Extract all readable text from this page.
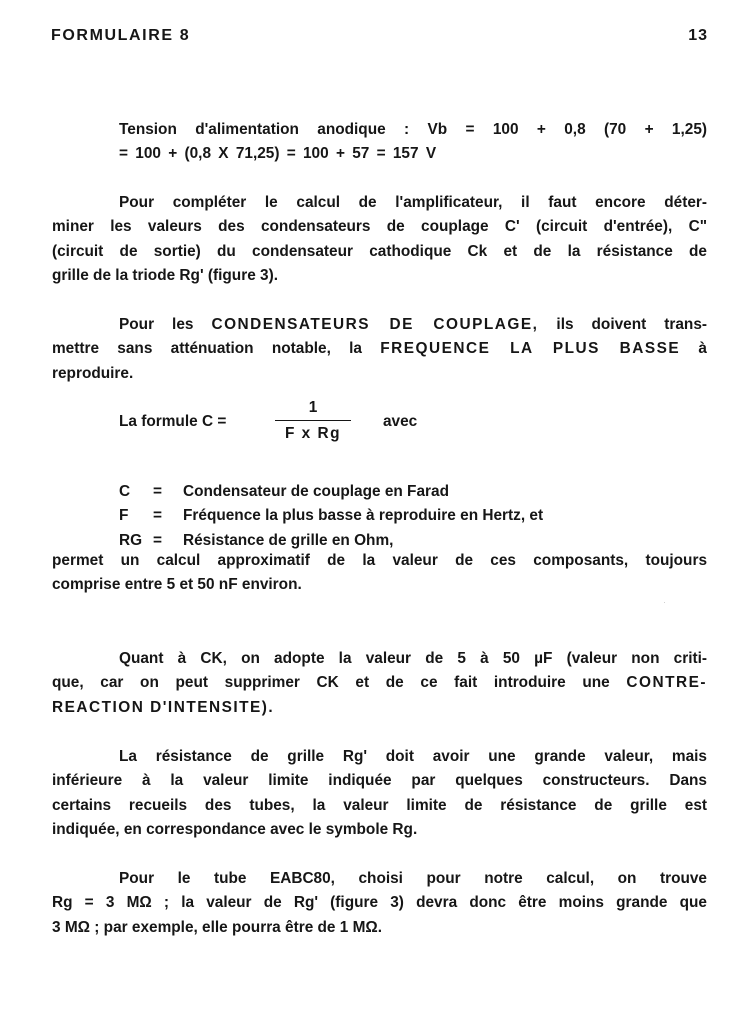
FORMULAIRE 8	13
Tension d'alimentation anodique : Vb = 100 + 0,8 (70 + 1,25)
= 100 + (0,8 X 71,25) = 100 + 57 = 157 V
Pour compléter le calcul de l'amplificateur, il faut encore déter-
miner les valeurs des condensateurs de couplage C' (circuit d'entrée), C"
(circuit de sortie) du condensateur cathodique Ck et de la résistance de
grille de la triode Rg' (figure 3).
Pour les CONDENSATEURS DE COUPLAGE, ils doivent trans-
mettre sans atténuation notable, la FREQUENCE LA PLUS BASSE à
reproduire.
La formule C =
1
F x Rg
avec
C = Condensateur de couplage en Farad
F = Fréquence la plus basse à reproduire en Hertz, et
RG = Résistance de grille en Ohm,
permet un calcul approximatif de la valeur de ces composants, toujours
comprise entre 5 et 50 nF environ.
·
Quant à CK, on adopte la valeur de 5 à 50 µF (valeur non criti-
que, car on peut supprimer CK et de ce fait introduire une CONTRE-
REACTION D'INTENSITE).
La résistance de grille Rg' doit avoir une grande valeur, mais
inférieure à la valeur limite indiquée par quelques constructeurs. Dans
certains recueils des tubes, la valeur limite de résistance de grille est
indiquée, en correspondance avec le symbole Rg.
Pour le tube EABC80, choisi pour notre calcul, on trouve
Rg = 3 MΩ ; la valeur de Rg' (figure 3) devra donc être moins grande que
3 MΩ ; par exemple, elle pourra être de 1 MΩ.
